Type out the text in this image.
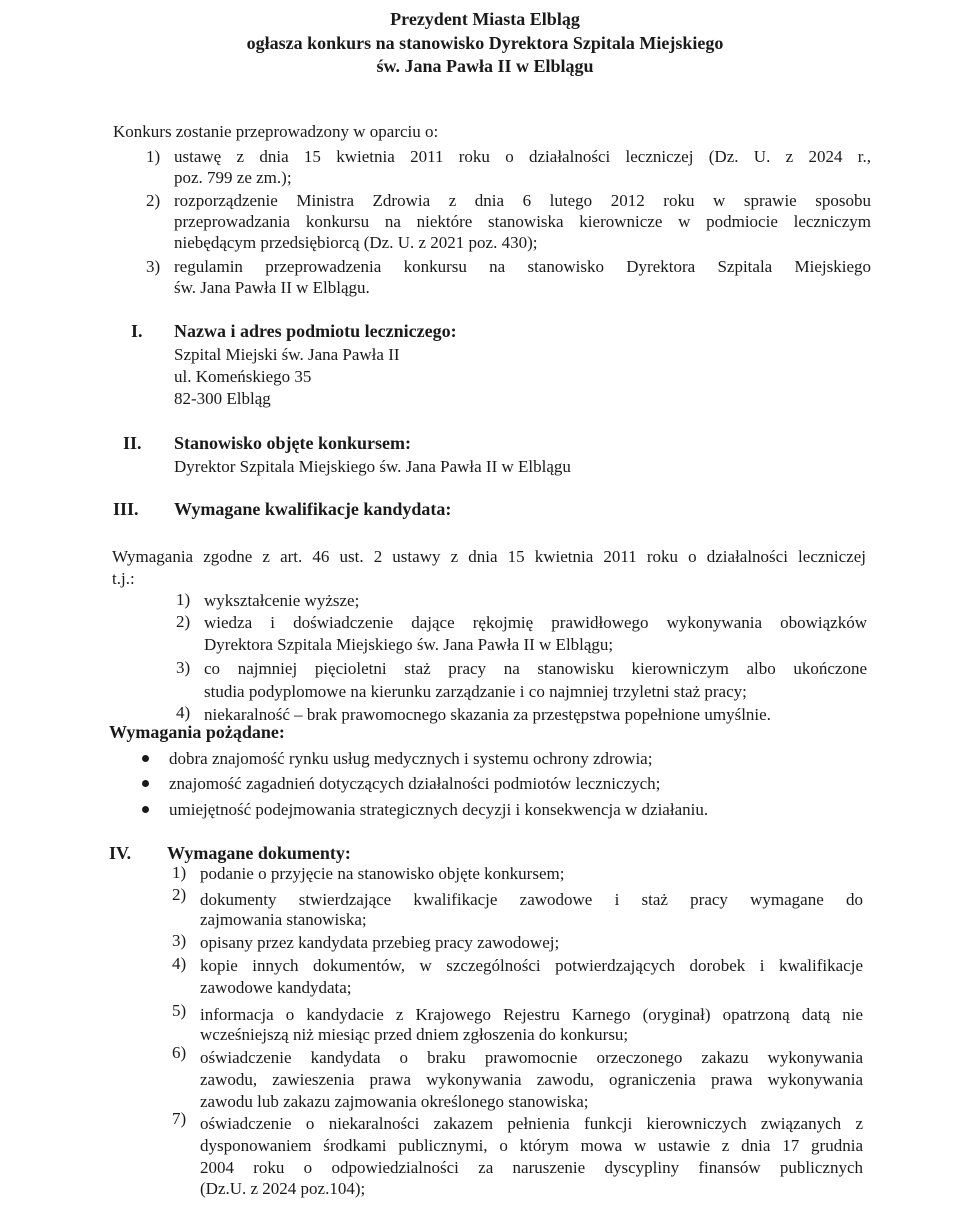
Prezydent Miasta Elbląg
ogłasza konkurs na stanowisko Dyrektora Szpitala Miejskiego
św. Jana Pawła II w Elblągu
Konkurs zostanie przeprowadzony w oparciu o:
1) ustawę z dnia 15 kwietnia 2011 roku o działalności leczniczej (Dz. U. z 2024 r.,
poz. 799 ze zm.);
2) rozporządzenie Ministra Zdrowia z dnia 6 lutego 2012 roku w sprawie sposobu
przeprowadzania konkursu na niektóre stanowiska kierownicze w podmiocie leczniczym
niebędącym przedsiębiorcą (Dz. U. z 2021 poz. 430);
3) regulamin przeprowadzenia konkursu na stanowisko Dyrektora Szpitala Miejskiego
św. Jana Pawła II w Elblągu.
I. Nazwa i adres podmiotu leczniczego:
Szpital Miejski św. Jana Pawła II
ul. Komeńskiego 35
82-300 Elbląg
II. Stanowisko objęte konkursem:
Dyrektor Szpitala Miejskiego św. Jana Pawła II w Elblągu
III. Wymagane kwalifikacje kandydata:
Wymagania zgodne z art. 46 ust. 2 ustawy z dnia 15 kwietnia 2011 roku o działalności leczniczej
t.j.:
1) wykształcenie wyższe;
2) wiedza i doświadczenie dające rękojmię prawidłowego wykonywania obowiązków
Dyrektora Szpitala Miejskiego św. Jana Pawła II w Elblągu;
3) co najmniej pięcioletni staż pracy na stanowisku kierowniczym albo ukończone
studia podyplomowe na kierunku zarządzanie i co najmniej trzyletni staż pracy;
4) niekaralność – brak prawomocnego skazania za przestępstwa popełnione umyślnie.
Wymagania pożądane:
dobra znajomość rynku usług medycznych i systemu ochrony zdrowia;
znajomość zagadnień dotyczących działalności podmiotów leczniczych;
umiejętność podejmowania strategicznych decyzji i konsekwencja w działaniu.
IV. Wymagane dokumenty:
1) podanie o przyjęcie na stanowisko objęte konkursem;
2) dokumenty stwierdzające kwalifikacje zawodowe i staż pracy wymagane do
zajmowania stanowiska;
3) opisany przez kandydata przebieg pracy zawodowej;
4) kopie innych dokumentów, w szczególności potwierdzających dorobek i kwalifikacje
zawodowe kandydata;
5) informacja o kandydacie z Krajowego Rejestru Karnego (oryginał) opatrzoną datą nie
wcześniejszą niż miesiąc przed dniem zgłoszenia do konkursu;
6) oświadczenie kandydata o braku prawomocnie orzeczonego zakazu wykonywania
zawodu, zawieszenia prawa wykonywania zawodu, ograniczenia prawa wykonywania
zawodu lub zakazu zajmowania określonego stanowiska;
7) oświadczenie o niekaralności zakazem pełnienia funkcji kierowniczych związanych z
dysponowaniem środkami publicznymi, o którym mowa w ustawie z dnia 17 grudnia
2004 roku o odpowiedzialności za naruszenie dyscypliny finansów publicznych
(Dz.U. z 2024 poz.104);
